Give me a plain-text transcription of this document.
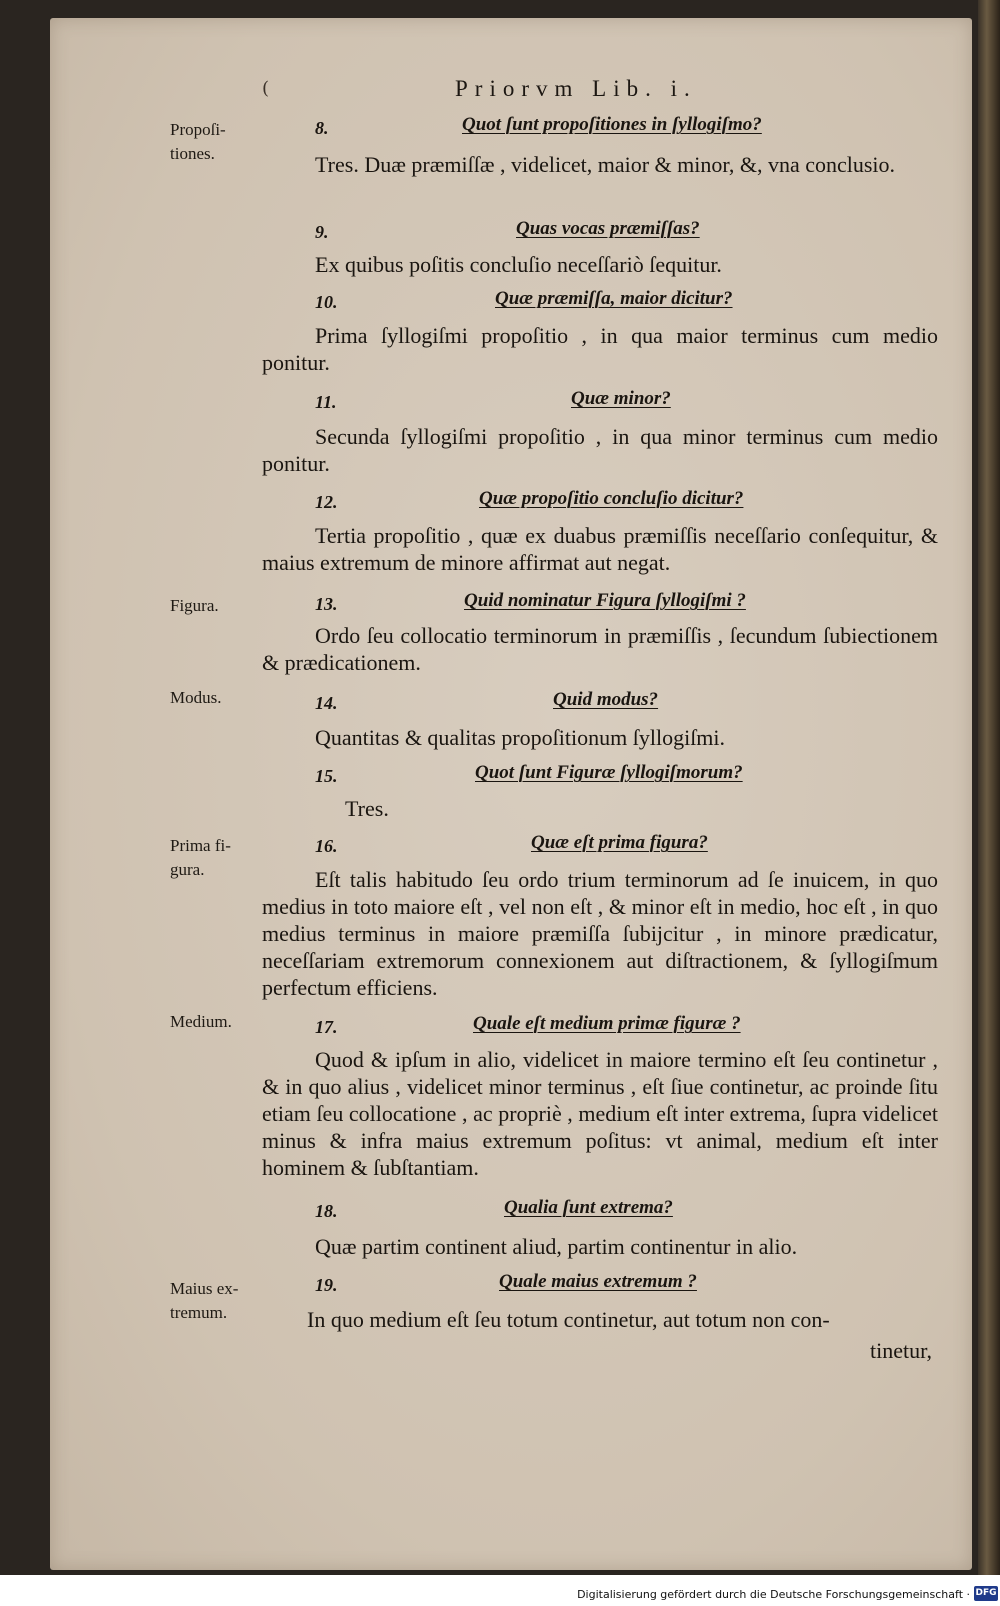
(	Priorvm Lib. i.
Propoſi-
tiones.
Figura.
Modus.
Prima fi-
gura.
Medium.
Maius ex-
tremum.
8.	Quot ſunt propoſitiones in ſyllogiſmo?
Tres. Duæ præmiſſæ , videlicet, maior & minor, &, vna conclusio.
9.	Quas vocas præmiſſas?
Ex quibus poſitis concluſio neceſſariò ſequitur.
10.	Quæ præmiſſa, maior dicitur?
Prima ſyllogiſmi propoſitio , in qua maior terminus cum medio ponitur.
11.	Quæ minor?
Secunda ſyllogiſmi propoſitio , in qua minor terminus cum medio ponitur.
12.	Quæ propoſitio concluſio dicitur?
Tertia propoſitio , quæ ex duabus præmiſſis neceſſario conſequitur, & maius extremum de minore affirmat aut negat.
13.	Quid nominatur Figura ſyllogiſmi ?
Ordo ſeu collocatio terminorum in præmiſſis , ſecundum ſubiectionem & prædicationem.
14.	Quid modus?
Quantitas & qualitas propoſitionum ſyllogiſmi.
15.	Quot ſunt Figuræ ſyllogiſmorum?
Tres.
16.	Quæ eſt prima figura?
Eſt talis habitudo ſeu ordo trium terminorum ad ſe inuicem, in quo medius in toto maiore eſt , vel non eſt , & minor eſt in medio, hoc eſt , in quo medius terminus in maiore præmiſſa ſubijcitur , in minore prædicatur, neceſſariam extremorum connexionem aut diſtractionem, & ſyllogiſmum perfectum efficiens.
17.	Quale eſt medium primæ figuræ ?
Quod & ipſum in alio, videlicet in maiore termino eſt ſeu continetur , & in quo alius , videlicet minor terminus , eſt ſiue continetur, ac proinde ſitu etiam ſeu collocatione , ac propriè , medium eſt inter extrema, ſupra videlicet minus & infra maius extremum poſitus: vt animal, medium eſt inter hominem & ſubſtantiam.
18.	Qualia ſunt extrema?
Quæ partim continent aliud, partim continentur in alio.
19.	Quale maius extremum ?
In quo medium eſt ſeu totum continetur, aut totum non con-
tinetur,
Digitalisierung gefördert durch die Deutsche Forschungsgemeinschaft · DFG
